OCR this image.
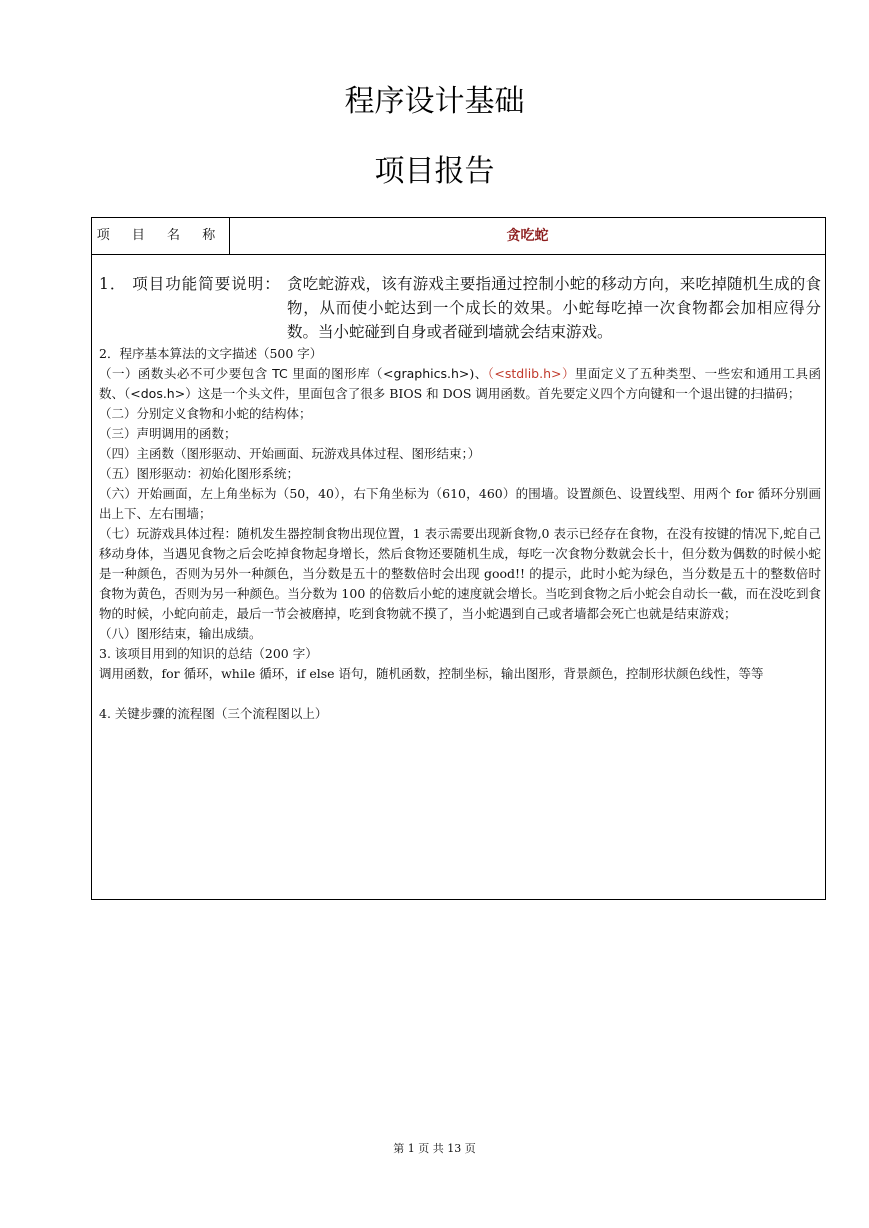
程序设计基础
项目报告
项 目 名 称	贪吃蛇
1． 项目功能简要说明： 贪吃蛇游戏，该有游戏主要指通过控制小蛇的移动方向，来吃掉随机生成的食物，从而使小蛇达到一个成长的效果。小蛇每吃掉一次食物都会加相应得分数。当小蛇碰到自身或者碰到墙就会结束游戏。

2．程序基本算法的文字描述（500 字）

（一）函数头必不可少要包含 TC 里面的图形库（<graphics.h>)、（<stdlib.h>）里面定义了五种类型、一些宏和通用工具函数、（<dos.h>）这是一个头文件，里面包含了很多 BIOS 和 DOS 调用函数。首先要定义四个方向键和一个退出键的扫描码；

（二）分别定义食物和小蛇的结构体；

（三）声明调用的函数；

（四）主函数（图形驱动、开始画面、玩游戏具体过程、图形结束；）

（五）图形驱动：初始化图形系统；

（六）开始画面，左上角坐标为（50，40），右下角坐标为（610，460）的围墙。设置颜色、设置线型、用两个 for 循环分别画出上下、左右围墙；

（七）玩游戏具体过程：随机发生器控制食物出现位置，1 表示需要出现新食物,0 表示已经存在食物，在没有按键的情况下,蛇自己移动身体，当遇见食物之后会吃掉食物起身增长，然后食物还要随机生成，每吃一次食物分数就会长十，但分数为偶数的时候小蛇是一种颜色，否则为另外一种颜色，当分数是五十的整数倍时会出现 good!! 的提示，此时小蛇为绿色，当分数是五十的整数倍时食物为黄色，否则为另一种颜色。当分数为 100 的倍数后小蛇的速度就会增长。当吃到食物之后小蛇会自动长一截，而在没吃到食物的时候，小蛇向前走，最后一节会被磨掉，吃到食物就不摸了，当小蛇遇到自己或者墙都会死亡也就是结束游戏；

（八）图形结束，输出成绩。

3. 该项目用到的知识的总结（200 字）

调用函数，for 循环，while 循环，if else 语句，随机函数，控制坐标，输出图形，背景颜色，控制形状颜色线性，等等

4. 关键步骤的流程图（三个流程图以上）

第 1 页 共 13 页
